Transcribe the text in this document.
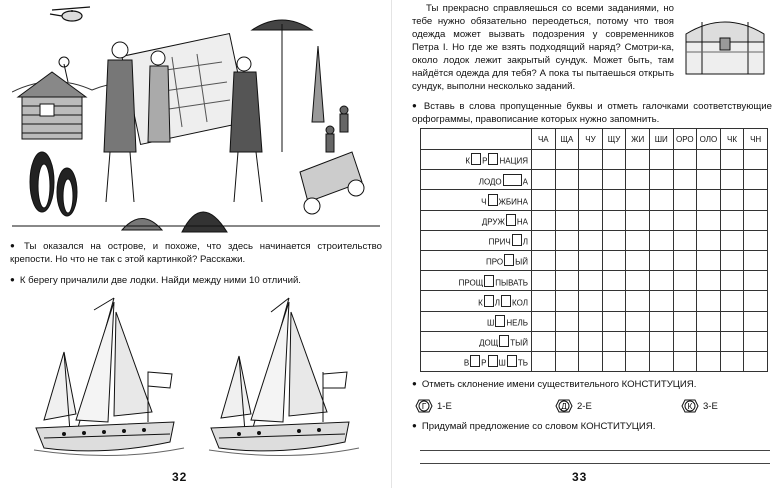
● Ты оказался на острове, и похоже, что здесь начинается строительство крепости. Но что не так с этой картинкой? Расскажи.
● К берегу причалили две лодки. Найди между ними 10 отличий.
32
Ты прекрасно справляешься со всеми заданиями, но тебе нужно обязательно переодеться, потому что твоя одежда может вызвать подозрения у современников Петра I. Но где же взять подходящий наряд? Смотри-ка, около лодок лежит закрытый сундук. Может быть, там найдётся одежда для тебя? А пока ты пытаешься открыть сундук, выполни несколько заданий.
● Вставь в слова пропущенные буквы и отметь галочками соответствующие орфограммы, правописание которых нужно запомнить.
	ЧА	ЩА	ЧУ	ЩУ	ЖИ	ШИ	ОРО	ОЛО	ЧК	ЧН
К Р НАЦИЯ										
ЛОДО А										
Ч ЖБИНА										
ДРУЖ НА										
ПРИЧ Л										
ПРО ЫЙ										
ПРОЩ ПЫВАТЬ										
К Л КОЛ										
Ш НЕЛЬ										
ДОЩ ТЫЙ										
В Р Ш ТЬ										
● Отметь склонение имени существительного КОНСТИТУЦИЯ.
Г 1-Е	Д 2-Е	К 3-Е
● Придумай предложение со словом КОНСТИТУЦИЯ.
33
